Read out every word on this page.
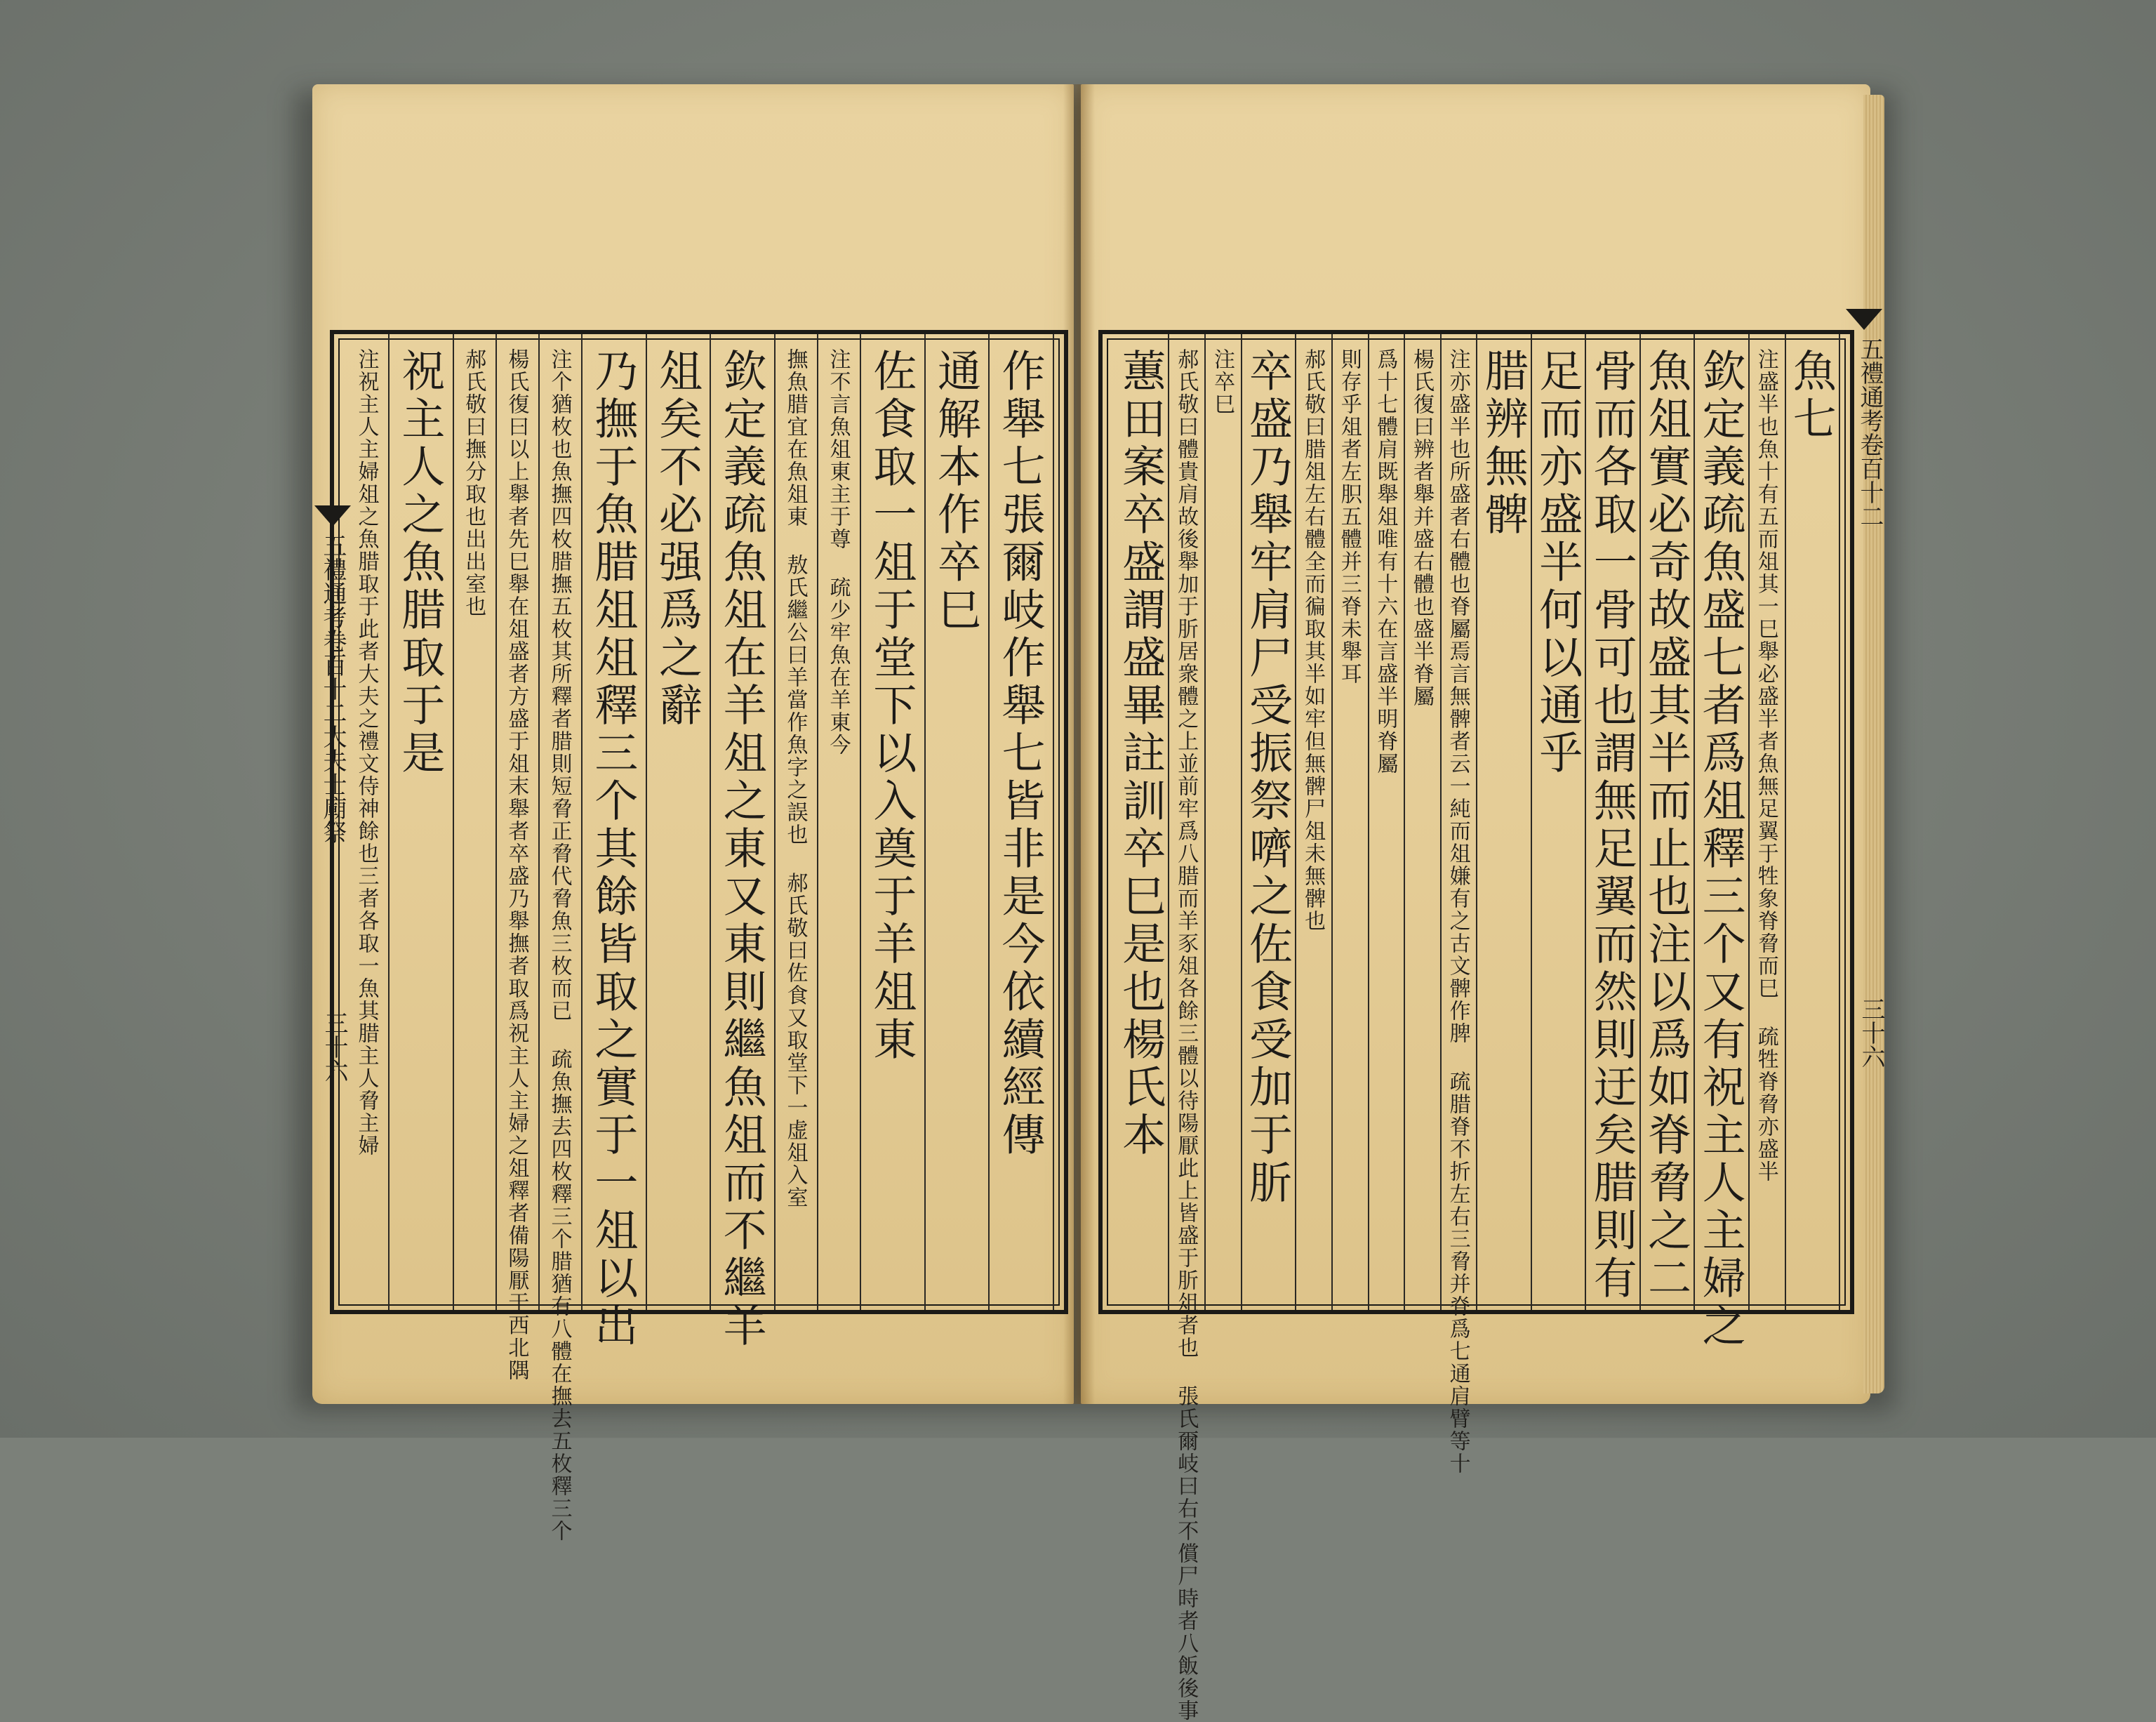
作舉七張爾岐作舉七皆非是今依續經傳
通解本作卒巳
佐食取一俎于堂下以入奠于羊俎東
注不言魚俎東主于尊 疏少牢魚在羊東今
撫魚腊宜在魚俎東 敖氏繼公曰羊當作魚字之誤也 郝氏敬曰佐食又取堂下一虚俎入室
欽定義疏魚俎在羊俎之東又東則繼魚俎而不繼羊
俎矣不必强爲之辭
乃撫于魚腊俎俎釋三个其餘皆取之實于一俎以出
注个猶枚也魚撫四枚腊撫五枚其所釋者腊則短脅正脅代脅魚三枚而已 疏魚撫去四枚釋三个腊猶有八體在撫去五枚釋三个
楊氏復曰以上舉者先巳舉在俎盛者方盛于俎末舉者卒盛乃舉撫者取爲祝主人主婦之俎釋者備陽厭于西北隅
郝氏敬曰撫分取也出出室也
祝主人之魚腊取于是
注祝主人主婦俎之魚腊取于此者大夫之禮文侍神餘也三者各取一魚其腊主人脅主婦	魚七
注盛半也魚十有五而俎其一巳舉必盛半者魚無足翼于牲象脊脅而巳 疏牲脊脅亦盛半
欽定義疏魚盛七者爲俎釋三个又有祝主人主婦之
魚俎實必奇故盛其半而止也注以爲如脊脅之二
骨而各取一骨可也謂無足翼而然則迂矣腊則有
足而亦盛半何以通乎
腊辨無髀
注亦盛半也所盛者右體也脊屬焉言無髀者云一純而俎嫌有之古文髀作脾 疏腊脊不折左右三脅并脊爲七通肩臂等十
楊氏復曰辨者舉并盛右體也盛半脊屬
爲十七體肩既舉俎唯有十六在言盛半明脊屬
則存乎俎者左胑五體并三脊未舉耳
郝氏敬曰腊俎左右體全而徧取其半如牢但無髀尸俎未無髀也
卒盛乃舉牢肩尸受振祭嚌之佐食受加于肵
注卒巳
郝氏敬曰體貴肩故後舉加于肵居衆體之上並前牢爲八腊而羊豕俎各餘三體以待陽厭此上皆盛于肵俎者也 張氏爾岐曰右不償尸時者八飯後事
蕙田案卒盛謂盛畢註訓卒巳是也楊氏本
五禮通考卷百十二大夫士廟祭
五禮通考卷百十二
三十六	三十六
